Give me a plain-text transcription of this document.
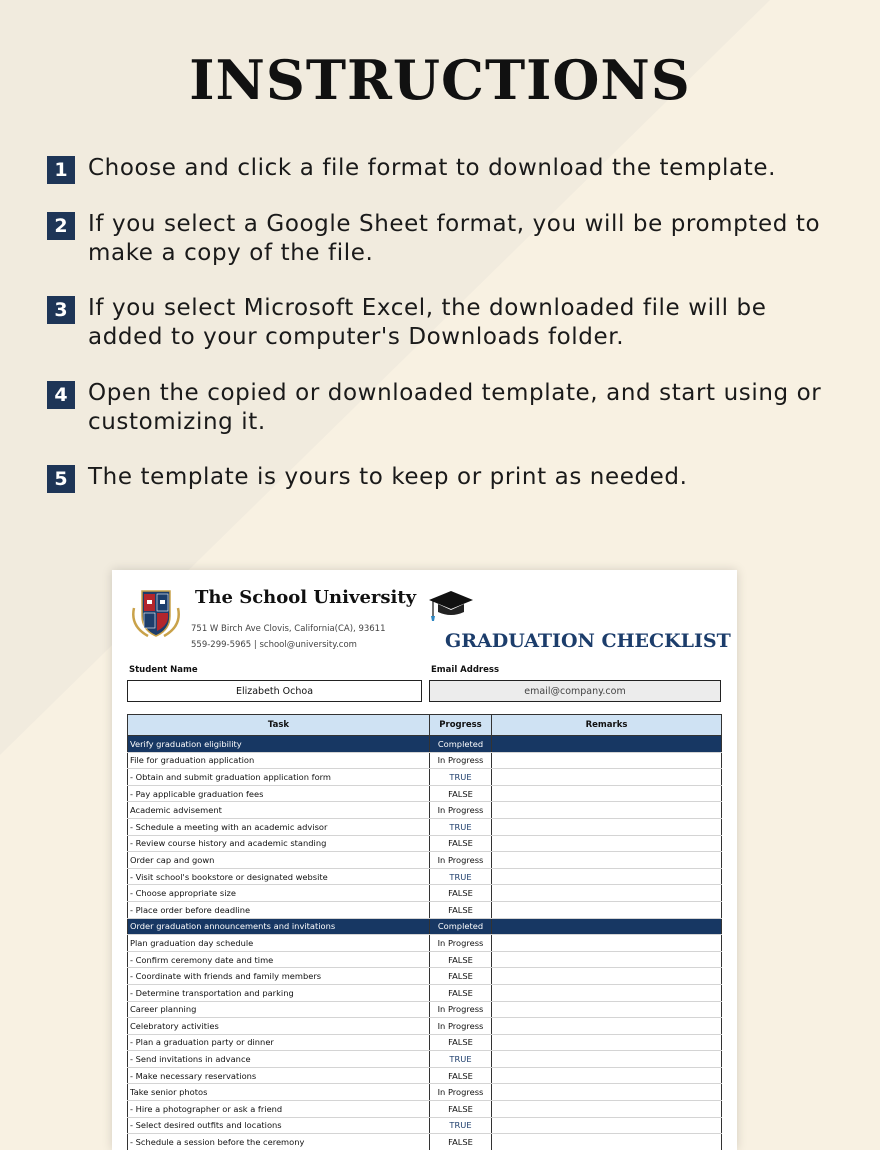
INSTRUCTIONS
1 Choose and click a file format to download the template.
2 If you select a Google Sheet format, you will be prompted to make a copy of the file.
3 If you select Microsoft Excel, the downloaded file will be added to your computer's Downloads folder.
4 Open the copied or downloaded template, and start using or customizing it.
5 The template is yours to keep or print as needed.
The School University
751 W Birch Ave Clovis, California(CA), 93611
559-299-5965 | school@university.com	GRADUATION CHECKLIST
Student Name	Email Address
Elizabeth Ochoa	email@company.com
Task	Progress	Remarks
Verify graduation eligibility	Completed	
File for graduation application	In Progress	
- Obtain and submit graduation application form	TRUE	
- Pay applicable graduation fees	FALSE	
Academic advisement	In Progress	
- Schedule a meeting with an academic advisor	TRUE	
- Review course history and academic standing	FALSE	
Order cap and gown	In Progress	
- Visit school's bookstore or designated website	TRUE	
- Choose appropriate size	FALSE	
- Place order before deadline	FALSE	
Order graduation announcements and invitations	Completed	
Plan graduation day schedule	In Progress	
- Confirm ceremony date and time	FALSE	
- Coordinate with friends and family members	FALSE	
- Determine transportation and parking	FALSE	
Career planning	In Progress	
Celebratory activities	In Progress	
- Plan a graduation party or dinner	FALSE	
- Send invitations in advance	TRUE	
- Make necessary reservations	FALSE	
Take senior photos	In Progress	
- Hire a photographer or ask a friend	FALSE	
- Select desired outfits and locations	TRUE	
- Schedule a session before the ceremony	FALSE	
